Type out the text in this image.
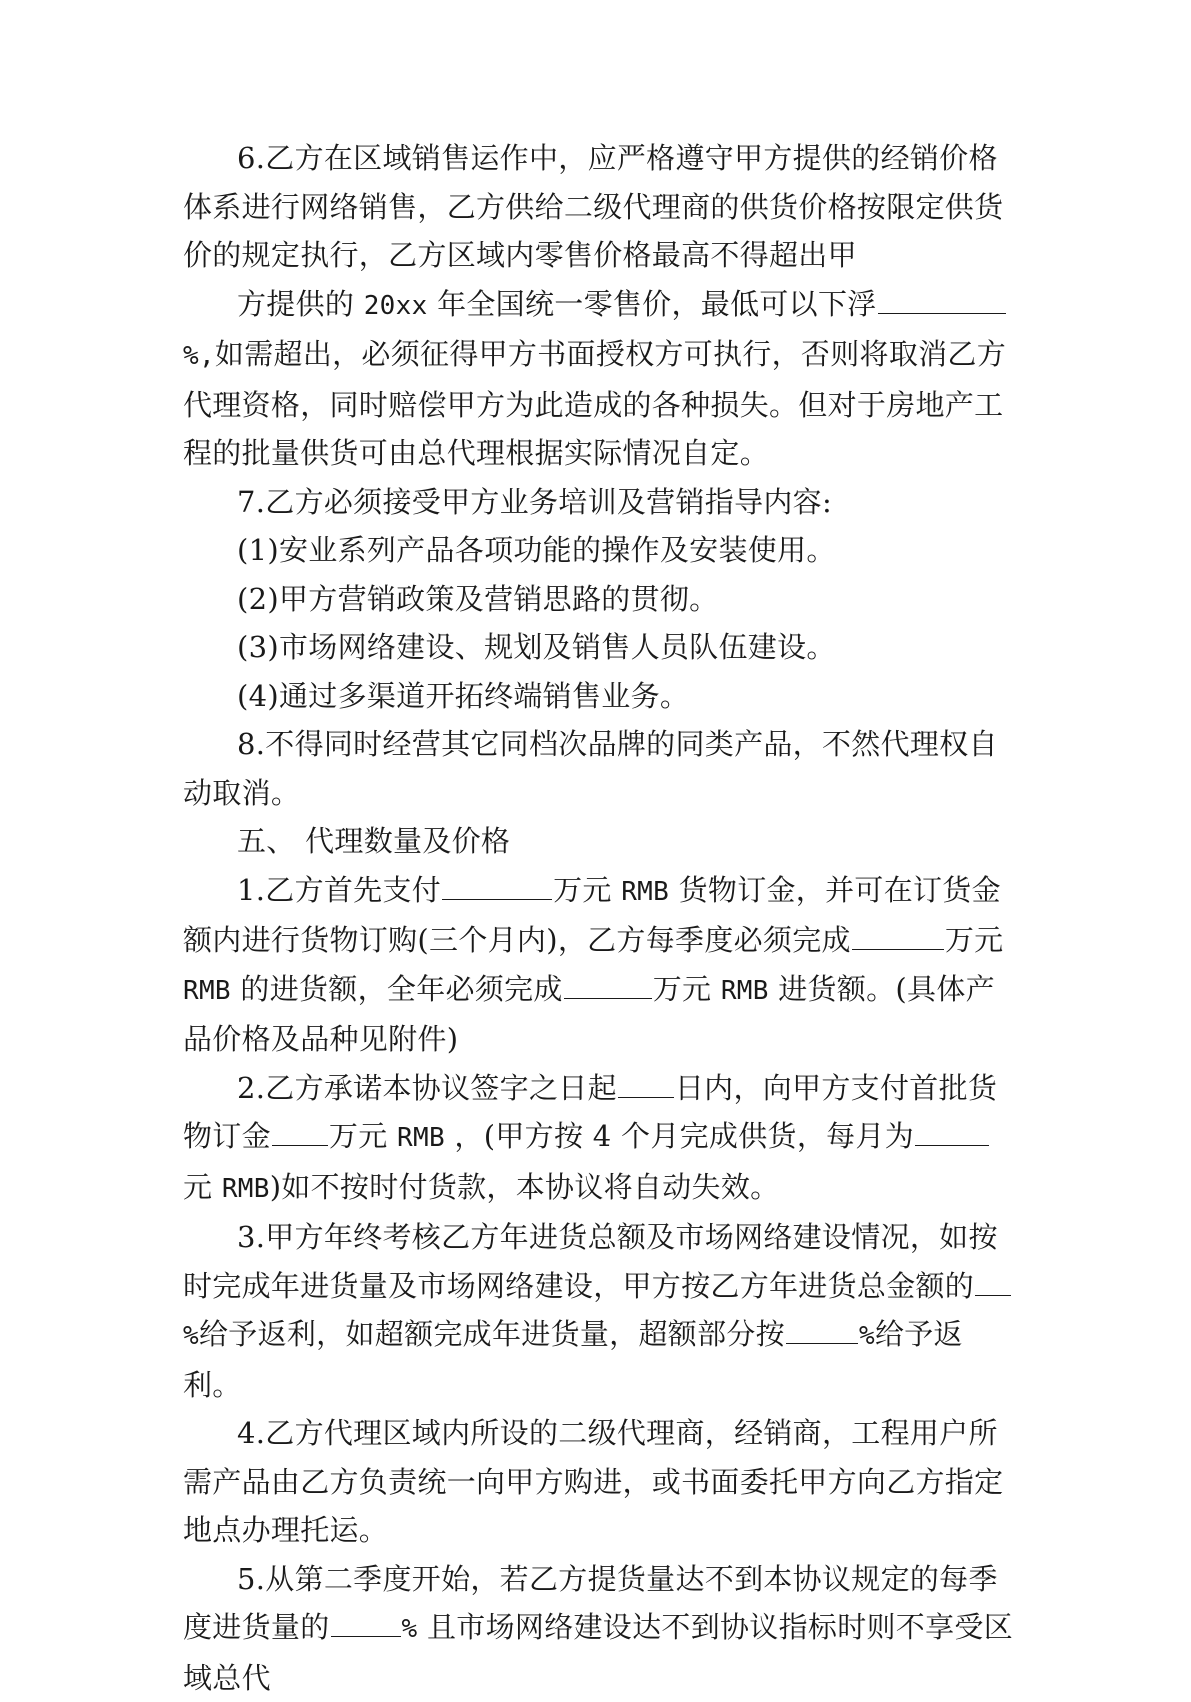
6.乙方在区域销售运作中，应严格遵守甲方提供的经销价格体系进行网络销售，乙方供给二级代理商的供货价格按限定供货价的规定执行，乙方区域内零售价格最高不得超出甲

方提供的 20xx 年全国统一零售价，最低可以下浮%,如需超出，必须征得甲方书面授权方可执行，否则将取消乙方代理资格，同时赔偿甲方为此造成的各种损失。但对于房地产工程的批量供货可由总代理根据实际情况自定。

7.乙方必须接受甲方业务培训及营销指导内容:

(1)安业系列产品各项功能的操作及安装使用。

(2)甲方营销政策及营销思路的贯彻。

(3)市场网络建设、规划及销售人员队伍建设。

(4)通过多渠道开拓终端销售业务。

8.不得同时经营其它同档次品牌的同类产品，不然代理权自动取消。

五、 代理数量及价格

1.乙方首先支付	万元 RMB 货物订金，并可在订货金额内进行货物订购(三个月内)，乙方每季度必须完成	万元RMB 的进货额，全年必须完成	万元 RMB 进货额。(具体产品价格及品种见附件)

2.乙方承诺本协议签字之日起 日内，向甲方支付首批货物订金 万元 RMB ，(甲方按 4 个月完成供货，每月为元 RMB)如不按时付货款，本协议将自动失效。

3.甲方年终考核乙方年进货总额及市场网络建设情况，如按时完成年进货量及市场网络建设，甲方按乙方年进货总金额的%给予返利，如超额完成年进货量，超额部分按	%给予返利。

4.乙方代理区域内所设的二级代理商，经销商，工程用户所需产品由乙方负责统一向甲方购进，或书面委托甲方向乙方指定地点办理托运。

5.从第二季度开始，若乙方提货量达不到本协议规定的每季度进货量的	% 且市场网络建设达不到协议指标时则不享受区域总代
